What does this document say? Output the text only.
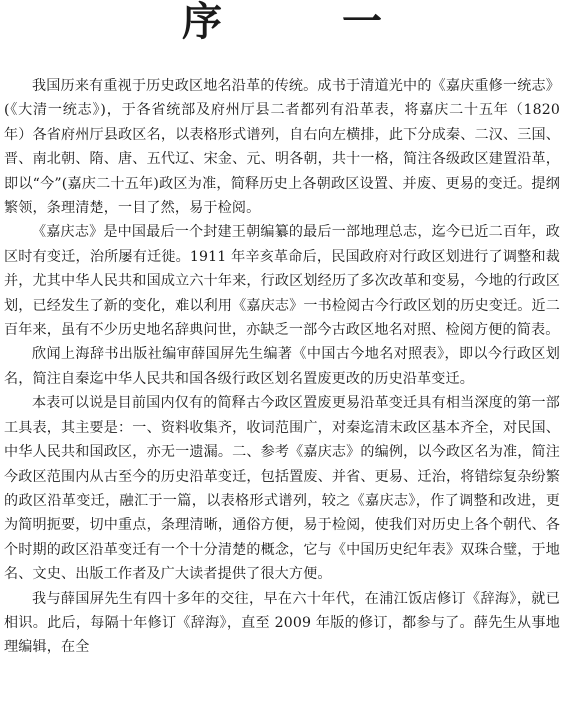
序　一

我国历来有重视于历史政区地名沿革的传统。成书于清道光中的《嘉庆重修一统志》(《大清一统志》)，于各省统部及府州厅县二者都列有沿革表，将嘉庆二十五年（1820 年）各省府州厅县政区名，以表格形式谱列，自右向左横排，此下分成秦、二汉、三国、晋、南北朝、隋、唐、五代辽、宋金、元、明各朝，共十一格，简注各级政区建置沿革，即以“今”(嘉庆二十五年)政区为准，简释历史上各朝政区设置、并废、更易的变迁。提纲繁领，条理清楚，一目了然，易于检阅。

《嘉庆志》是中国最后一个封建王朝编纂的最后一部地理总志，迄今已近二百年，政区时有变迁，治所屡有迁徙。1911 年辛亥革命后，民国政府对行政区划进行了调整和裁并，尤其中华人民共和国成立六十年来，行政区划经历了多次改革和变易，今地的行政区划，已经发生了新的变化，难以利用《嘉庆志》一书检阅古今行政区划的历史变迁。近二百年来，虽有不少历史地名辞典问世，亦缺乏一部今古政区地名对照、检阅方便的简表。

欣闻上海辞书出版社编审薛国屏先生编著《中国古今地名对照表》，即以今行政区划名，简注自秦迄中华人民共和国各级行政区划名置废更改的历史沿革变迁。

本表可以说是目前国内仅有的简释古今政区置废更易沿革变迁具有相当深度的第一部工具表，其主要是：一、资料收集齐，收词范围广，对秦迄清末政区基本齐全，对民国、中华人民共和国政区，亦无一遗漏。二、参考《嘉庆志》的编例，以今政区名为准，简注今政区范围内从古至今的历史沿革变迁，包括置废、并省、更易、迁治，将错综复杂纷繁的政区沿革变迁，融汇于一篇，以表格形式谱列，较之《嘉庆志》，作了调整和改进，更为简明扼要，切中重点，条理清晰，通俗方便，易于检阅，使我们对历史上各个朝代、各个时期的政区沿革变迁有一个十分清楚的概念，它与《中国历史纪年表》双珠合璧，于地名、文史、出版工作者及广大读者提供了很大方便。

我与薛国屏先生有四十多年的交往，早在六十年代，在浦江饭店修订《辞海》，就已相识。此后，每隔十年修订《辞海》，直至 2009 年版的修订，都参与了。薛先生从事地理编辑，在全
